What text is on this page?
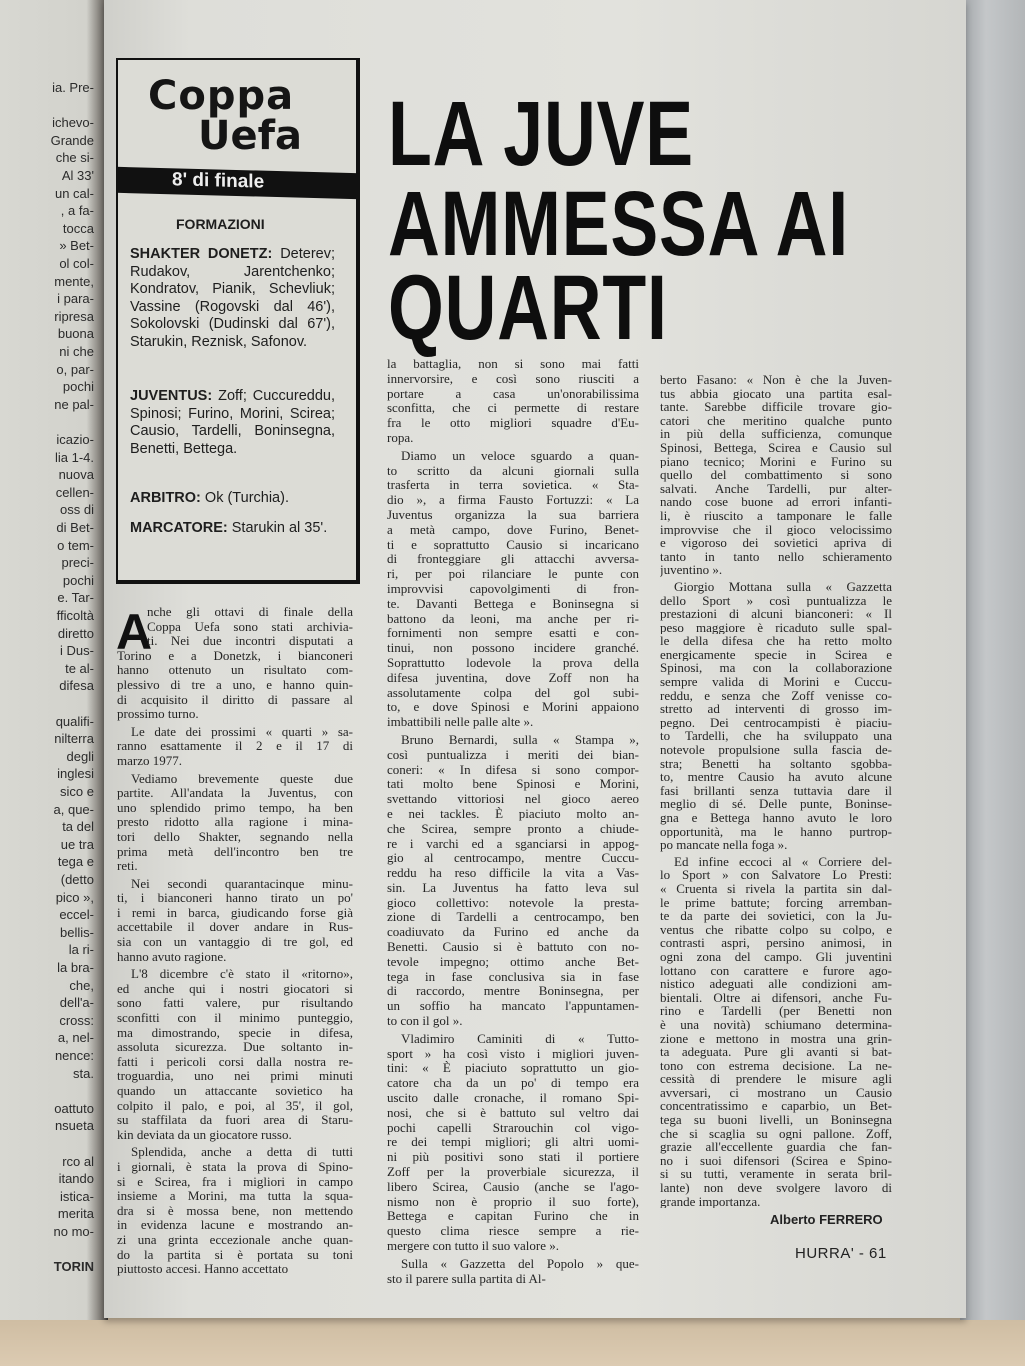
ia. Pre-
ichevo-
Grande
che si-
Al 33'
un cal-
, a fa-
tocca
» Bet-
ol col-
mente,
i para-
ripresa
buona
ni che
o, par-
pochi
ne pal-
icazio-
lia 1-4.
nuova
cellen-
oss di
di Bet-
o tem-
preci-
pochi
e. Tar-
fficoltà
diretto
i Dus-
te al-
difesa
qualifi-
nilterra
degli
inglesi
sico e
a, que-
ta del
ue tra
tega e
(detto
pico »,
eccel-
bellis-
la ri-
la bra-
che,
dell'a-
cross:
a, nel-
nence:
sta.
oattuto
nsueta
rco al
itando
istica-
merita
no mo-
TORIN
Coppa
Uefa
8' di finale
FORMAZIONI
SHAKTER DONETZ: Deterev; Rudakov, Jarentchenko; Kondratov, Pianik, Schevliuk; Vassine (Rogovski dal 46'), Sokolovski (Dudinski dal 67'), Starukin, Reznisk, Safonov.
JUVENTUS: Zoff; Cuccureddu, Spinosi; Furino, Morini, Scirea; Causio, Tardelli, Boninsegna, Benetti, Bettega.
ARBITRO: Ok (Turchia).
MARCATORE: Starukin al 35'.
LA JUVE
AMMESSA AI
QUARTI
A
nche gli ottavi di finale della
Coppa Uefa sono stati archivia-
ti. Nei due incontri disputati a
Torino e a Donetzk, i bianconeri
hanno ottenuto un risultato com-
plessivo di tre a uno, e hanno quin-
di acquisito il diritto di passare al
prossimo turno.
Le date dei prossimi « quarti » sa-
ranno esattamente il 2 e il 17 di
marzo 1977.
Vediamo brevemente queste due
partite. All'andata la Juventus, con
uno splendido primo tempo, ha ben
presto ridotto alla ragione i mina-
tori dello Shakter, segnando nella
prima metà dell'incontro ben tre
reti.
Nei secondi quarantacinque minu-
ti, i bianconeri hanno tirato un po'
i remi in barca, giudicando forse già
accettabile il dover andare in Rus-
sia con un vantaggio di tre gol, ed
hanno avuto ragione.
L'8 dicembre c'è stato il «ritorno»,
ed anche qui i nostri giocatori si
sono fatti valere, pur risultando
sconfitti con il minimo punteggio,
ma dimostrando, specie in difesa,
assoluta sicurezza. Due soltanto in-
fatti i pericoli corsi dalla nostra re-
troguardia, uno nei primi minuti
quando un attaccante sovietico ha
colpito il palo, e poi, al 35', il gol,
su staffilata da fuori area di Staru-
kin deviata da un giocatore russo.
Splendida, anche a detta di tutti
i giornali, è stata la prova di Spino-
si e Scirea, fra i migliori in campo
insieme a Morini, ma tutta la squa-
dra si è mossa bene, non mettendo
in evidenza lacune e mostrando an-
zi una grinta eccezionale anche quan-
do la partita si è portata su toni
piuttosto accesi. Hanno accettato
la battaglia, non si sono mai fatti
innervorsire, e così sono riusciti a
portare a casa un'onorabilissima
sconfitta, che ci permette di restare
fra le otto migliori squadre d'Eu-
ropa.
Diamo un veloce sguardo a quan-
to scritto da alcuni giornali sulla
trasferta in terra sovietica. « Sta-
dio », a firma Fausto Fortuzzi: « La
Juventus organizza la sua barriera
a metà campo, dove Furino, Benet-
ti e soprattutto Causio si incaricano
di fronteggiare gli attacchi avversa-
ri, per poi rilanciare le punte con
improvvisi capovolgimenti di fron-
te. Davanti Bettega e Boninsegna si
battono da leoni, ma anche per ri-
fornimenti non sempre esatti e con-
tinui, non possono incidere granché.
Soprattutto lodevole la prova della
difesa juventina, dove Zoff non ha
assolutamente colpa del gol subi-
to, e dove Spinosi e Morini appaiono
imbattibili nelle palle alte ».
Bruno Bernardi, sulla « Stampa »,
così puntualizza i meriti dei bian-
coneri: « In difesa si sono compor-
tati molto bene Spinosi e Morini,
svettando vittoriosi nel gioco aereo
e nei tackles. È piaciuto molto an-
che Scirea, sempre pronto a chiude-
re i varchi ed a sganciarsi in appog-
gio al centrocampo, mentre Cuccu-
reddu ha reso difficile la vita a Vas-
sin. La Juventus ha fatto leva sul
gioco collettivo: notevole la presta-
zione di Tardelli a centrocampo, ben
coadiuvato da Furino ed anche da
Benetti. Causio si è battuto con no-
tevole impegno; ottimo anche Bet-
tega in fase conclusiva sia in fase
di raccordo, mentre Boninsegna, per
un soffio ha mancato l'appuntamen-
to con il gol ».
Vladimiro Caminiti di « Tutto-
sport » ha così visto i migliori juven-
tini: « È piaciuto soprattutto un gio-
catore cha da un po' di tempo era
uscito dalle cronache, il romano Spi-
nosi, che si è battuto sul veltro dai
pochi capelli Strarouchin col vigo-
re dei tempi migliori; gli altri uomi-
ni più positivi sono stati il portiere
Zoff per la proverbiale sicurezza, il
libero Scirea, Causio (anche se l'ago-
nismo non è proprio il suo forte),
Bettega e capitan Furino che in
questo clima riesce sempre a rie-
mergere con tutto il suo valore ».
Sulla « Gazzetta del Popolo » que-
sto il parere sulla partita di Al-
berto Fasano: « Non è che la Juven-
tus abbia giocato una partita esal-
tante. Sarebbe difficile trovare gio-
catori che meritino qualche punto
in più della sufficienza, comunque
Spinosi, Bettega, Scirea e Causio sul
piano tecnico; Morini e Furino su
quello del combattimento si sono
salvati. Anche Tardelli, pur alter-
nando cose buone ad errori infanti-
li, è riuscito a tamponare le falle
improvvise che il gioco velocissimo
e vigoroso dei sovietici apriva di
tanto in tanto nello schieramento
juventino ».
Giorgio Mottana sulla « Gazzetta
dello Sport » così puntualizza le
prestazioni di alcuni bianconeri: « Il
peso maggiore è ricaduto sulle spal-
le della difesa che ha retto molto
energicamente specie in Scirea e
Spinosi, ma con la collaborazione
sempre valida di Morini e Cuccu-
reddu, e senza che Zoff venisse co-
stretto ad interventi di grosso im-
pegno. Dei centrocampisti è piaciu-
to Tardelli, che ha sviluppato una
notevole propulsione sulla fascia de-
stra; Benetti ha soltanto sgobba-
to, mentre Causio ha avuto alcune
fasi brillanti senza tuttavia dare il
meglio di sé. Delle punte, Boninse-
gna e Bettega hanno avuto le loro
opportunità, ma le hanno purtrop-
po mancate nella foga ».
Ed infine eccoci al « Corriere del-
lo Sport » con Salvatore Lo Presti:
« Cruenta si rivela la partita sin dal-
le prime battute; forcing arremban-
te da parte dei sovietici, con la Ju-
ventus che ribatte colpo su colpo, e
contrasti aspri, persino animosi, in
ogni zona del campo. Gli juventini
lottano con carattere e furore ago-
nistico adeguati alle condizioni am-
bientali. Oltre ai difensori, anche Fu-
rino e Tardelli (per Benetti non
è una novità) schiumano determina-
zione e mettono in mostra una grin-
ta adeguata. Pure gli avanti si bat-
tono con estrema decisione. La ne-
cessità di prendere le misure agli
avversari, ci mostrano un Causio
concentratissimo e caparbio, un Bet-
tega su buoni livelli, un Boninsegna
che si scaglia su ogni pallone. Zoff,
grazie all'eccellente guardia che fan-
no i suoi difensori (Scirea e Spino-
si su tutti, veramente in serata bril-
lante) non deve svolgere lavoro di
grande importanza.
Alberto FERRERO
HURRA' - 61
